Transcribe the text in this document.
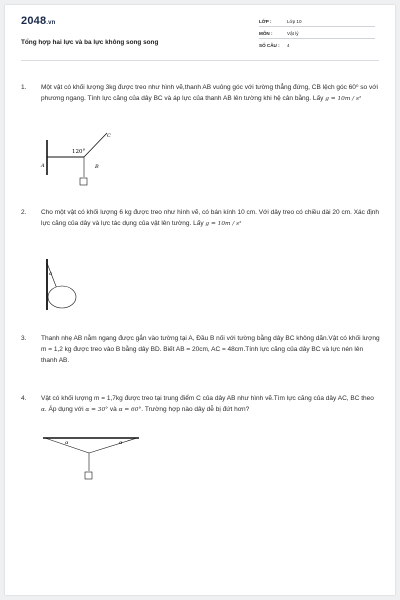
2048.vn
Tổng hợp hai lực và ba lực không song song
LỚP :	Lớp 10
MÔN :	Vật lý
SỐ CÂU : 4
1. Một vật có khối lượng 3kg được treo như hình vẽ,thanh AB vuông góc với tường thẳng đứng, CB lệch góc 60⁰ so với phương ngang. Tính lực căng của dây BC và áp lực của thanh AB lên tường khi hệ cân bằng. Lấy g = 10m / s²
120°
C
A	B
2. Cho một vật có khối lượng 6 kg được treo như hình vẽ, có bán kính 10 cm. Với dây treo có chiều dài 20 cm. Xác định lực căng của dây và lực tác dụng của vật lên tường. Lấy g = 10m / s²
α
3. Thanh nhẹ AB nằm ngang được gắn vào tường tại A, Đầu B nối với tường bằng dây BC không dãn.Vật có khối lượng m = 1,2 kg được treo vào B bằng dây BD. Biết AB = 20cm, AC = 48cm.Tính lực căng của dây BC và lực nén lên thanh AB.
4. Vật có khối lượng m = 1,7kg được treo tại trung điểm C của dây AB như hình vẽ.Tìm lực căng của dây AC, BC theo α. Áp dụng với α = 30° và α = 60°. Trường hợp nào dây dễ bị đứt hơn?
α	α
